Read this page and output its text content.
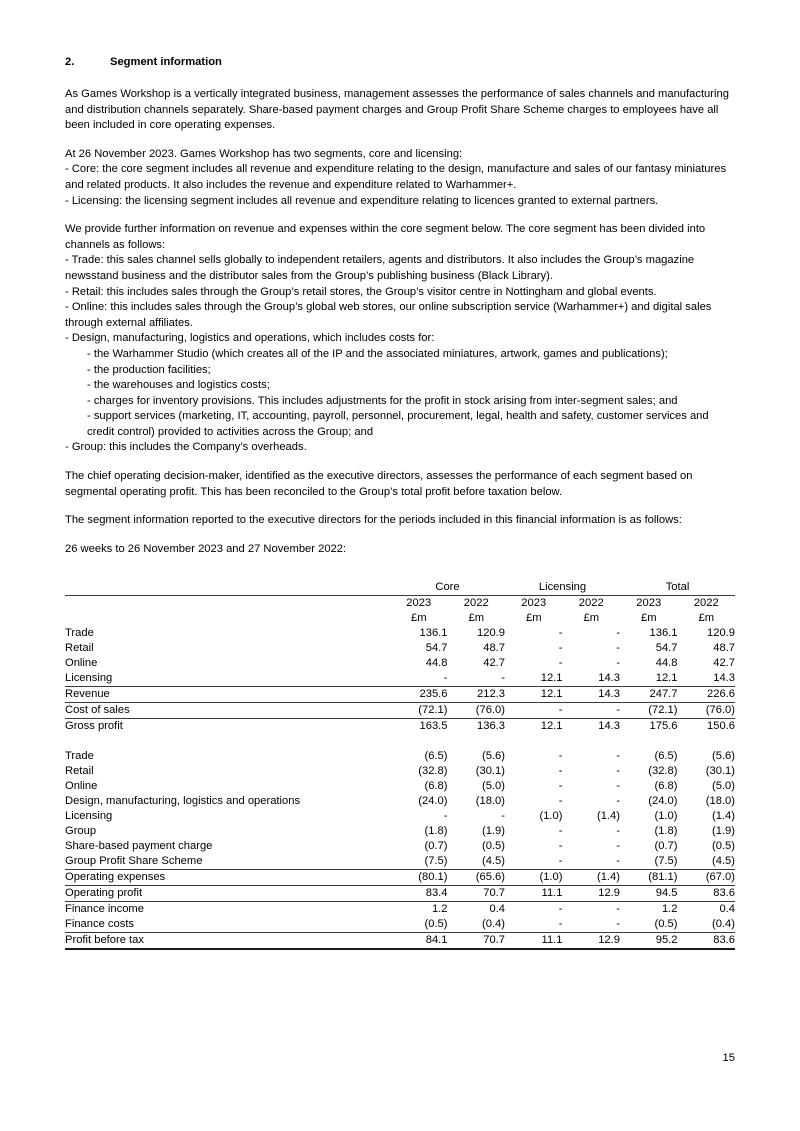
2.	Segment information
As Games Workshop is a vertically integrated business, management assesses the performance of sales channels and manufacturing
and distribution channels separately. Share-based payment charges and Group Profit Share Scheme charges to employees have all
been included in core operating expenses.
At 26 November 2023. Games Workshop has two segments, core and licensing:
- Core: the core segment includes all revenue and expenditure relating to the design, manufacture and sales of our fantasy miniatures
and related products. It also includes the revenue and expenditure related to Warhammer+.
- Licensing: the licensing segment includes all revenue and expenditure relating to licences granted to external partners.
We provide further information on revenue and expenses within the core segment below. The core segment has been divided into
channels as follows:
- Trade: this sales channel sells globally to independent retailers, agents and distributors. It also includes the Group’s magazine
newsstand business and the distributor sales from the Group’s publishing business (Black Library).
- Retail: this includes sales through the Group’s retail stores, the Group’s visitor centre in Nottingham and global events.
- Online: this includes sales through the Group’s global web stores, our online subscription service (Warhammer+) and digital sales
through external affiliates.
- Design, manufacturing, logistics and operations, which includes costs for:
- the Warhammer Studio (which creates all of the IP and the associated miniatures, artwork, games and publications);
- the production facilities;
- the warehouses and logistics costs;
- charges for inventory provisions. This includes adjustments for the profit in stock arising from inter-segment sales; and
- support services (marketing, IT, accounting, payroll, personnel, procurement, legal, health and safety, customer services and
credit control) provided to activities across the Group; and
- Group: this includes the Company’s overheads.
The chief operating decision-maker, identified as the executive directors, assesses the performance of each segment based on
segmental operating profit. This has been reconciled to the Group’s total profit before taxation below.
The segment information reported to the executive directors for the periods included in this financial information is as follows:
26 weeks to 26 November 2023 and 27 November 2022:
	Core		Licensing		Total	
	2023	2022	2023	2022	2023	2022
	£m	£m	£m	£m	£m	£m
Trade	136.1	120.9	-	-	136.1	120.9
Retail	54.7	48.7	-	-	54.7	48.7
Online	44.8	42.7	-	-	44.8	42.7
Licensing	-	-	12.1	14.3	12.1	14.3
Revenue	235.6	212.3	12.1	14.3	247.7	226.6
Cost of sales	(72.1)	(76.0)	-	-	(72.1)	(76.0)
Gross profit	163.5	136.3	12.1	14.3	175.6	150.6

Trade	(6.5)	(5.6)	-	-	(6.5)	(5.6)
Retail	(32.8)	(30.1)	-	-	(32.8)	(30.1)
Online	(6.8)	(5.0)	-	-	(6.8)	(5.0)
Design, manufacturing, logistics and operations	(24.0)	(18.0)	-	-	(24.0)	(18.0)
Licensing	-	-	(1.0)	(1.4)	(1.0)	(1.4)
Group	(1.8)	(1.9)	-	-	(1.8)	(1.9)
Share-based payment charge	(0.7)	(0.5)	-	-	(0.7)	(0.5)
Group Profit Share Scheme	(7.5)	(4.5)	-	-	(7.5)	(4.5)
Operating expenses	(80.1)	(65.6)	(1.0)	(1.4)	(81.1)	(67.0)
Operating profit	83.4	70.7	11.1	12.9	94.5	83.6
Finance income	1.2	0.4	-	-	1.2	0.4
Finance costs	(0.5)	(0.4)	-	-	(0.5)	(0.4)
Profit before tax	84.1	70.7	11.1	12.9	95.2	83.6
15
